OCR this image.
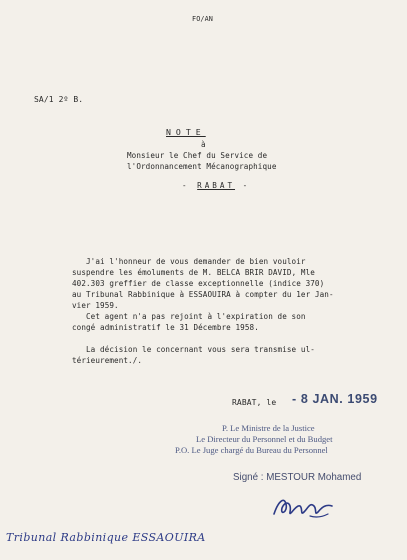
FO/AN
SA/1 2º B.
NOTE
à
Monsieur le Chef du Service de
l'Ordonnancement Mécanographique
- RABAT -
J'ai l'honneur de vous demander de bien vouloir
suspendre les émoluments de M. BELCA BRIR DAVID, Mle
402.303 greffier de classe exceptionnelle (indice 370)
au Tribunal Rabbinique à ESSAOUIRA à compter du 1er Jan-
vier 1959.
Cet agent n'a pas rejoint à l'expiration de son
congé administratif le 31 Décembre 1958.
La décision le concernant vous sera transmise ul-
térieurement./.
RABAT, le - 8 JAN. 1959
P. Le Ministre de la Justice
Le Directeur du Personnel et du Budget
P.O. Le Juge chargé du Bureau du Personnel
Signé : MESTOUR Mohamed
Tribunal Rabbinique ESSAOUIRA
